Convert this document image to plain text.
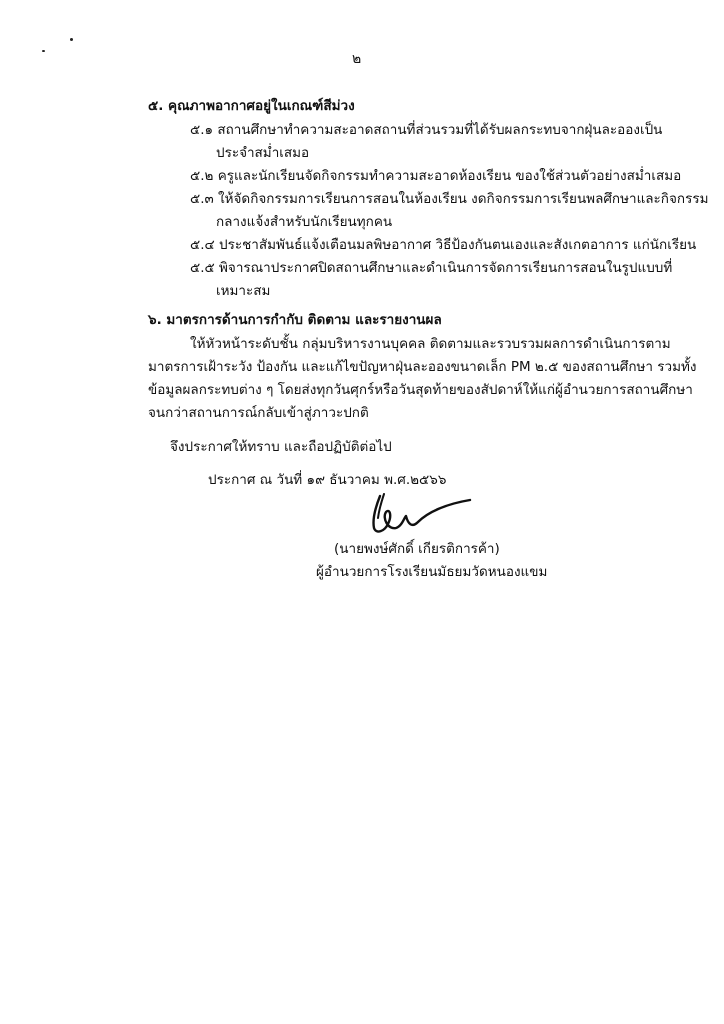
๒
๕. คุณภาพอากาศอยู่ในเกณฑ์สีม่วง
๕.๑ สถานศึกษาทำความสะอาดสถานที่ส่วนรวมที่ได้รับผลกระทบจากฝุ่นละอองเป็น
ประจำสม่ำเสมอ
๕.๒ ครูและนักเรียนจัดกิจกรรมทำความสะอาดห้องเรียน ของใช้ส่วนตัวอย่างสม่ำเสมอ
๕.๓ ให้จัดกิจกรรมการเรียนการสอนในห้องเรียน งดกิจกรรมการเรียนพลศึกษาและกิจกรรม
กลางแจ้งสำหรับนักเรียนทุกคน
๕.๔ ประชาสัมพันธ์แจ้งเตือนมลพิษอากาศ วิธีป้องกันตนเองและสังเกตอาการ แก่นักเรียน
๕.๕ พิจารณาประกาศปิดสถานศึกษาและดำเนินการจัดการเรียนการสอนในรูปแบบที่
เหมาะสม
๖. มาตรการด้านการกำกับ ติดตาม และรายงานผล
ให้หัวหน้าระดับชั้น กลุ่มบริหารงานบุคคล ติดตามและรวบรวมผลการดำเนินการตาม
มาตรการเฝ้าระวัง ป้องกัน และแก้ไขปัญหาฝุ่นละอองขนาดเล็ก PM ๒.๕ ของสถานศึกษา รวมทั้ง
ข้อมูลผลกระทบต่าง ๆ โดยส่งทุกวันศุกร์หรือวันสุดท้ายของสัปดาห์ให้แก่ผู้อำนวยการสถานศึกษา
จนกว่าสถานการณ์กลับเข้าสู่ภาวะปกติ
จึงประกาศให้ทราบ และถือปฏิบัติต่อไป
ประกาศ ณ วันที่ ๑๙ ธันวาคม พ.ศ.๒๕๖๖
(นายพงษ์ศักดิ์ เกียรติการค้า)
ผู้อำนวยการโรงเรียนมัธยมวัดหนองแขม
